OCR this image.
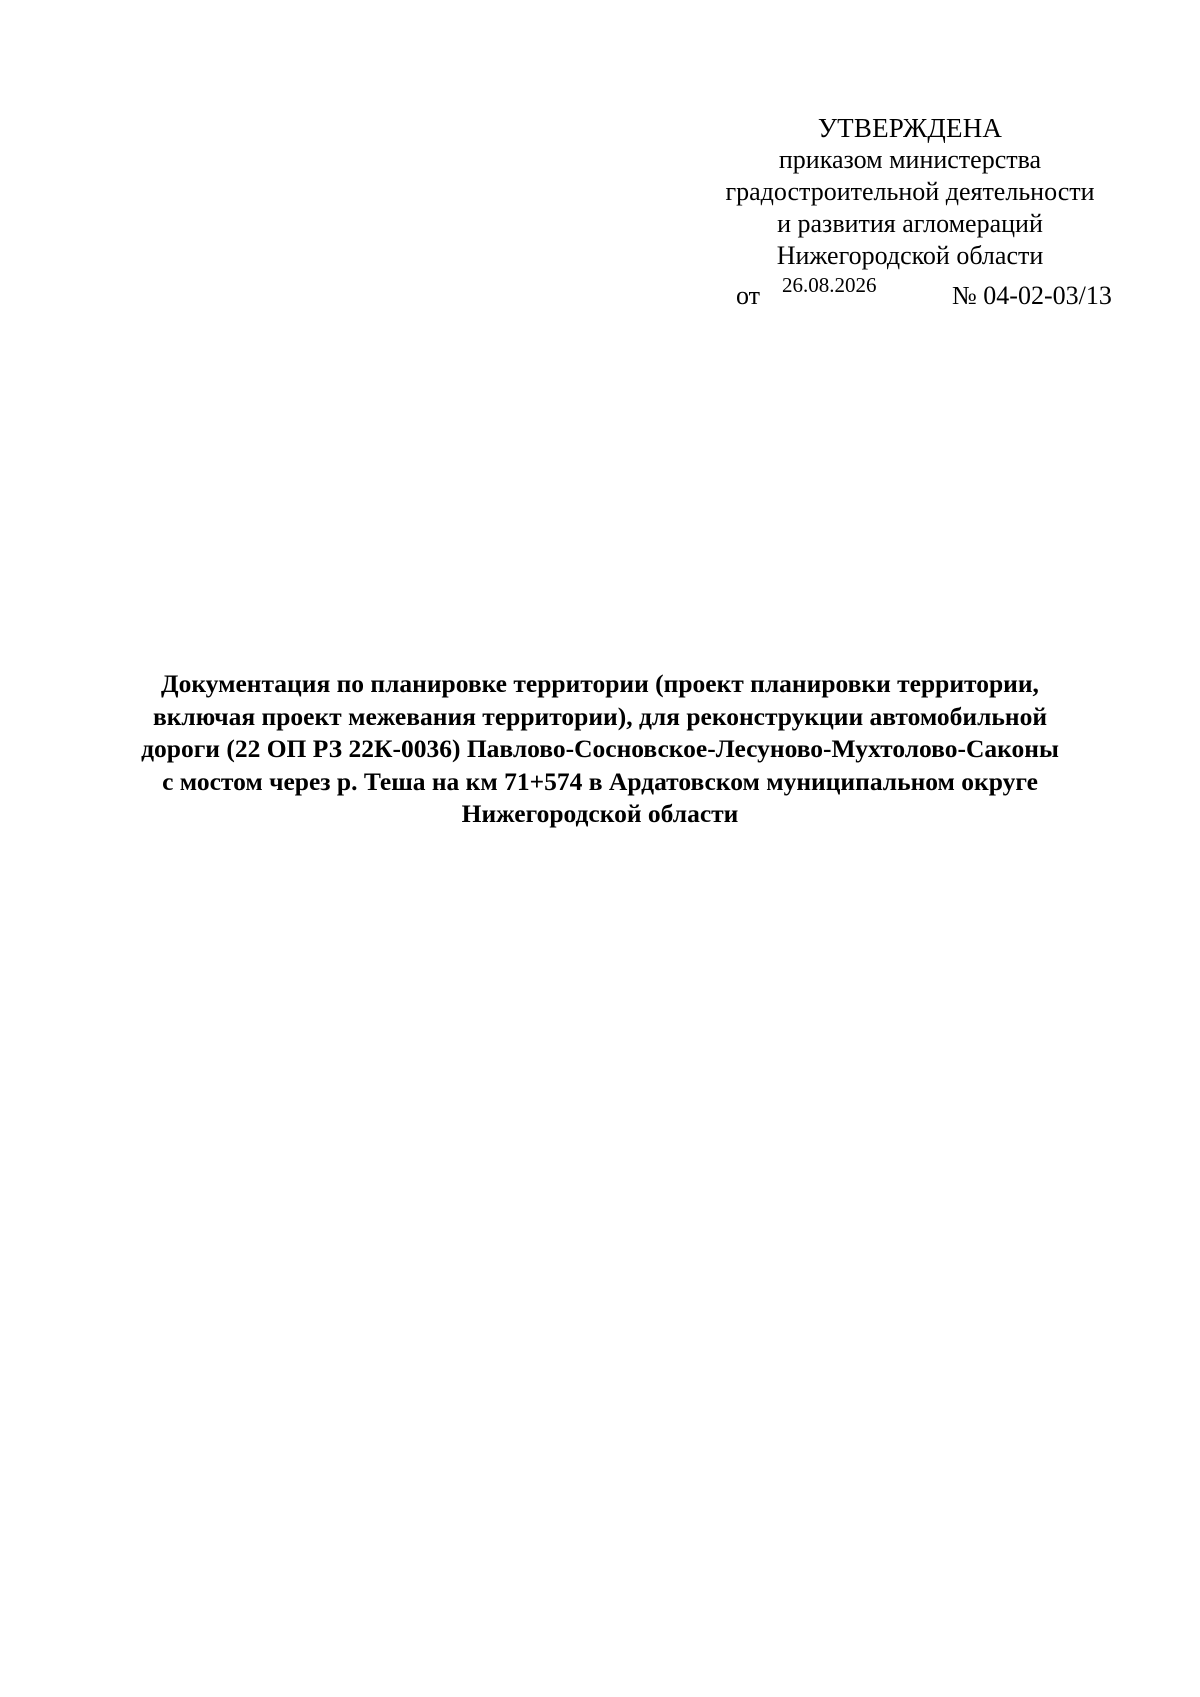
УТВЕРЖДЕНА
приказом министерства
градостроительной деятельности
и развития агломераций
Нижегородской области
от 26.08.2026	№ 04-02-03/13
Документация по планировке территории (проект планировки территории,
включая проект межевания территории), для реконструкции автомобильной
дороги (22 ОП РЗ 22К-0036) Павлово-Сосновское-Лесуново-Мухтолово-Саконы
с мостом через р. Теша на км 71+574 в Ардатовском муниципальном округе
Нижегородской области
